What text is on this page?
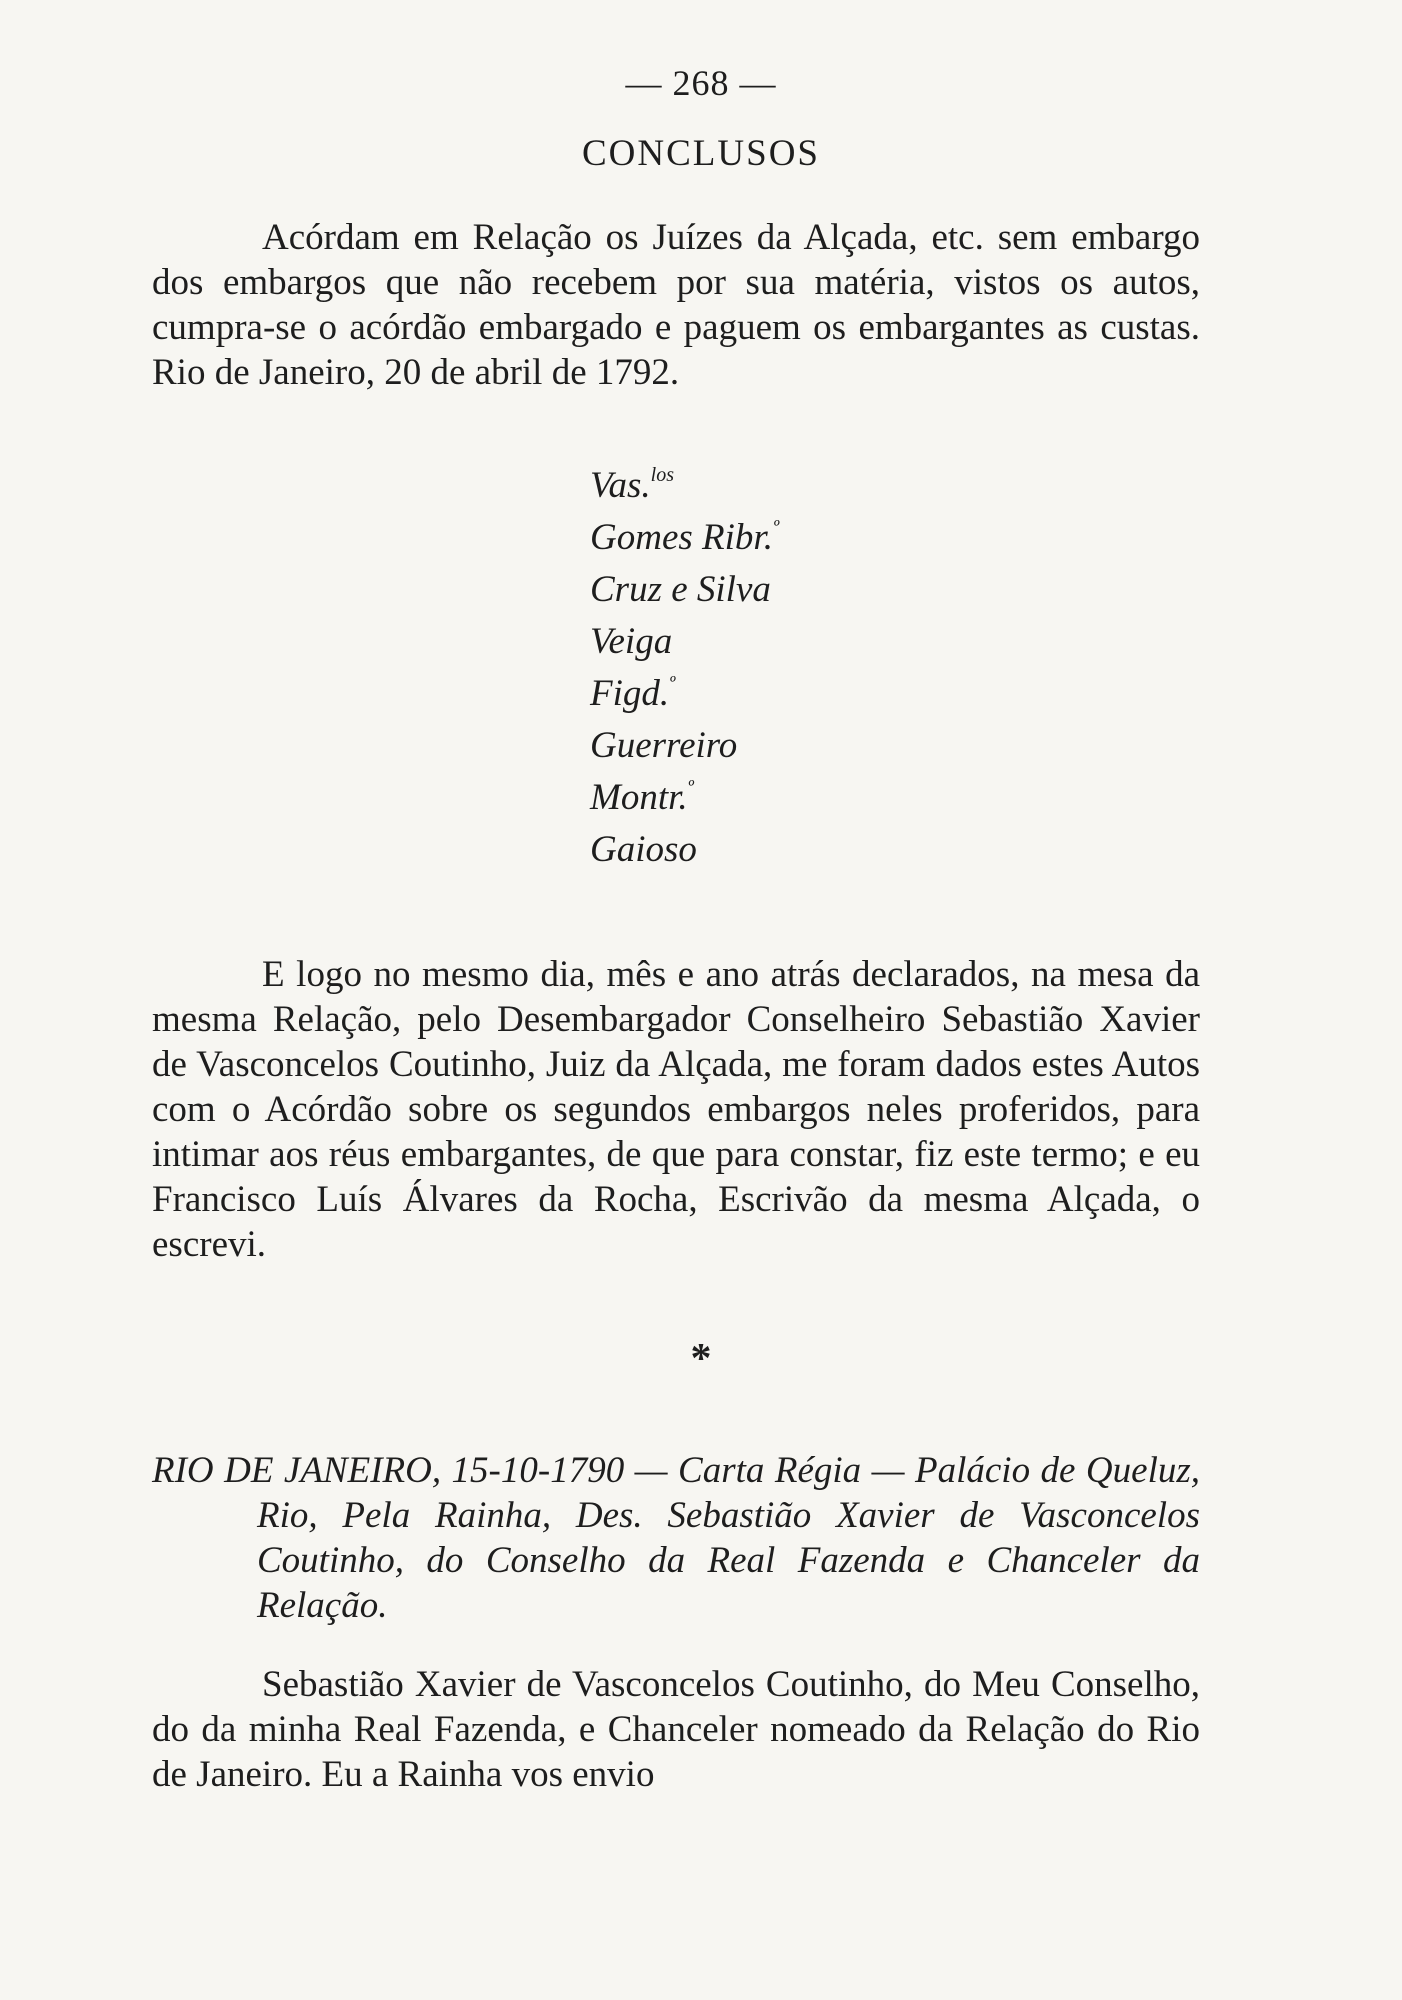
— 268 —
CONCLUSOS

Acórdam em Relação os Juízes da Alçada, etc. sem embargo dos embargos que não recebem por sua matéria, vistos os autos, cumpra-se o acórdão embargado e paguem os embargantes as custas. Rio de Janeiro, 20 de abril de 1792.

Vas.$^{los}$
Gomes Ribr.$^º$
Cruz e Silva
Veiga
Figd.$^º$
Guerreiro
Montr.$^º$
Gaioso

E logo no mesmo dia, mês e ano atrás declarados, na mesa da mesma Relação, pelo Desembargador Conselheiro Sebastião Xavier de Vasconcelos Coutinho, Juiz da Alçada, me foram dados estes Autos com o Acórdão sobre os segundos embargos neles proferidos, para intimar aos réus embargantes, de que para constar, fiz este termo; e eu Francisco Luís Álvares da Rocha, Escrivão da mesma Alçada, o escrevi.

*

RIO DE JANEIRO, 15-10-1790 — Carta Régia — Palácio de Queluz, Rio, Pela Rainha, Des. Sebastião Xavier de Vasconcelos Coutinho, do Conselho da Real Fazenda e Chanceler da Relação.

Sebastião Xavier de Vasconcelos Coutinho, do Meu Conselho, do da minha Real Fazenda, e Chanceler nomeado da Relação do Rio de Janeiro. Eu a Rainha vos envio
